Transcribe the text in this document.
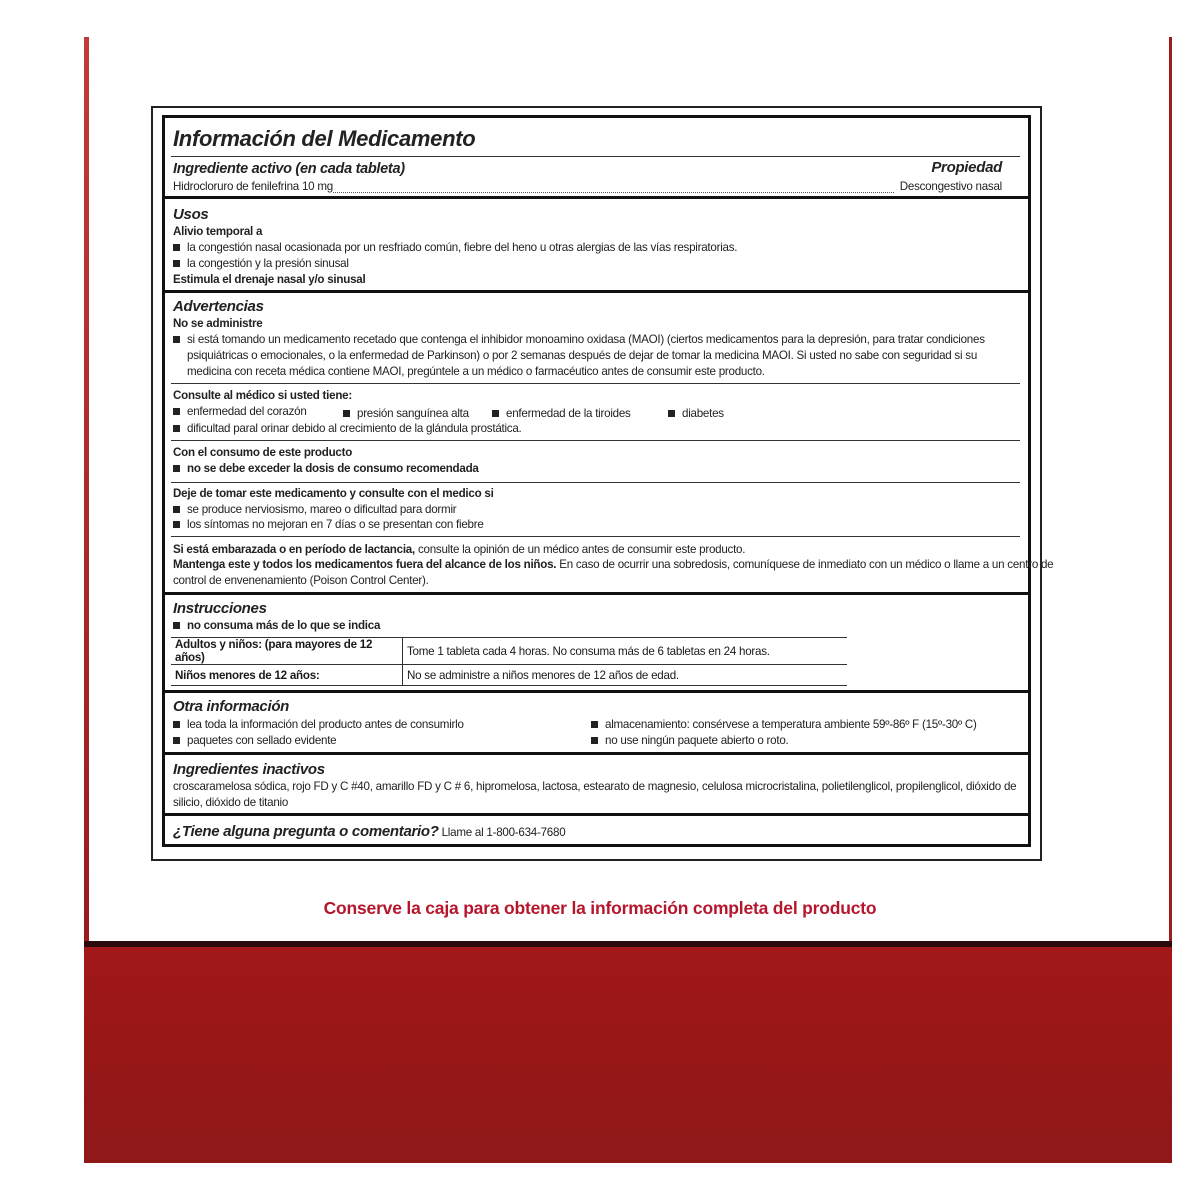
Información del Medicamento
Ingrediente activo (en cada tableta)	Propiedad
Hidrocloruro de fenilefrina 10 mg	Descongestivo nasal
Usos
Alivio temporal a
la congestión nasal ocasionada por un resfriado común, fiebre del heno u otras alergias de las vías respiratorias.
la congestión y la presión sinusal
Estimula el drenaje nasal y/o sinusal
Advertencias
No se administre
si está tomando un medicamento recetado que contenga el inhibidor monoamino oxidasa (MAOI) (ciertos medicamentos para la depresión, para tratar condiciones
psiquiátricas o emocionales, o la enfermedad de Parkinson) o por 2 semanas después de dejar de tomar la medicina MAOI. Si usted no sabe con seguridad si su
medicina con receta médica contiene MAOI, pregúntele a un médico o farmacéutico antes de consumir este producto.
Consulte al médico si usted tiene:
enfermedad del corazón	presión sanguínea alta	enfermedad de la tiroides	diabetes
dificultad paral orinar debido al crecimiento de la glándula prostática.
Con el consumo de este producto
no se debe exceder la dosis de consumo recomendada
Deje de tomar este medicamento y consulte con el medico si
se produce nerviosismo, mareo o dificultad para dormir
los síntomas no mejoran en 7 días o se presentan con fiebre
Si está embarazada o en período de lactancia, consulte la opinión de un médico antes de consumir este producto.
Mantenga este y todos los medicamentos fuera del alcance de los niños. En caso de ocurrir una sobredosis, comuníquese de inmediato con un médico o llame a un centro de
control de envenenamiento (Poison Control Center).
Instrucciones
no consuma más de lo que se indica
Adultos y niños: (para mayores de 12 años)	Tome 1 tableta cada 4 horas. No consuma más de 6 tabletas en 24 horas.
Niños menores de 12 años:	No se administre a niños menores de 12 años de edad.
Otra información
lea toda la información del producto antes de consumirlo
paquetes con sellado evidente
almacenamiento: consérvese a temperatura ambiente 59º-86º F (15º-30º C)
no use ningún paquete abierto o roto.
Ingredientes inactivos
croscaramelosa sódica, rojo FD y C #40, amarillo FD y C # 6, hipromelosa, lactosa, estearato de magnesio, celulosa microcristalina, polietilenglicol, propilenglicol, dióxido de
silicio, dióxido de titanio
¿Tiene alguna pregunta o comentario? Llame al 1-800-634-7680
Conserve la caja para obtener la información completa del producto
